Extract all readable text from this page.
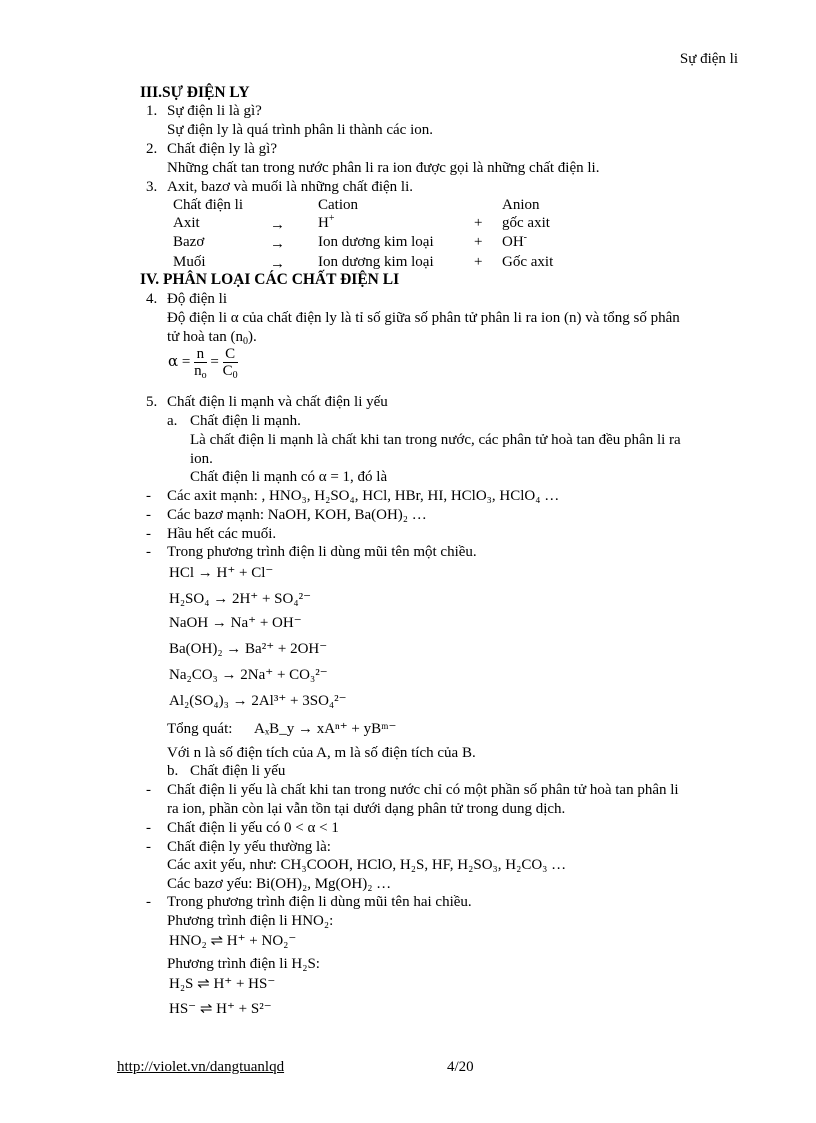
Sự điện li
III.SỰ ĐIỆN LY
1. Sự điện li là gì?
Sự điện ly là quá trình phân li thành các ion.
2. Chất điện ly là gì?
Những chất tan trong nước phân li ra ion được gọi là những chất điện li.
3. Axit, bazơ và muối là những chất điện li.
Chất điện li	Cation	Anion
Axit	→ H+	+ gốc axit
Bazơ	→ Ion dương kim loại	+ OH-
Muối	→ Ion dương kim loại	+ Gốc axit
IV. PHÂN LOẠI CÁC CHẤT ĐIỆN LI
4. Độ điện li
Độ điện li α của chất điện ly là tỉ số giữa số phân tử phân li ra ion (n) và tổng số phân
tử hoà $\tan (n_0)$.
$\alpha = \frac{n}{n_o} = \frac{C}{C_0}$
5. Chất điện li mạnh và chất điện li yếu
a. Chất điện li mạnh.
Là chất điện li mạnh là chất khi tan trong nước, các phân tử hoà tan đều phân li ra
ion.
Chất điện li mạnh có α = 1, đó là
- Các axit mạnh: , HNO₃, H₂SO₄, HCl, HBr, HI, HClO₃, HClO₄ …
- Các bazơ mạnh: NaOH, KOH, Ba(OH)₂ …
- Hầu hết các muối.
- Trong phương trình điện li dùng mũi tên một chiều.
HCl → H⁺ + Cl⁻
H₂SO₄ → 2H⁺ + SO₄²⁻
NaOH → Na⁺ + OH⁻
Ba(OH)₂ → Ba²⁺ + 2OH⁻
Na₂CO₃ → 2Na⁺ + CO₃²⁻
Al₂(SO₄)₃ → 2Al³⁺ + 3SO₄²⁻
Tổng quát: AₓB_y → xAⁿ⁺ + yBᵐ⁻
Với n là số điện tích của A, m là số điện tích của B.
b. Chất điện li yếu
- Chất điện li yếu là chất khi tan trong nước chỉ có một phần số phân tử hoà tan phân li
ra ion, phần còn lại vẫn tồn tại dưới dạng phân tử trong dung dịch.
- Chất điện li yếu có 0 < α < 1
- Chất điện ly yếu thường là:
Các axit yếu, như: CH₃COOH, HClO, H₂S, HF, H₂SO₃, H₂CO₃ …
Các bazơ yếu: Bi(OH)₂, Mg(OH)₂ …
- Trong phương trình điện li dùng mũi tên hai chiều.
Phương trình điện li HNO₂:
HNO₂ ⇌ H⁺ + NO₂⁻
Phương trình điện li H₂S:
H₂S ⇌ H⁺ + HS⁻
HS⁻ ⇌ H⁺ + S²⁻
http://violet.vn/dangtuanlqd	4/20
